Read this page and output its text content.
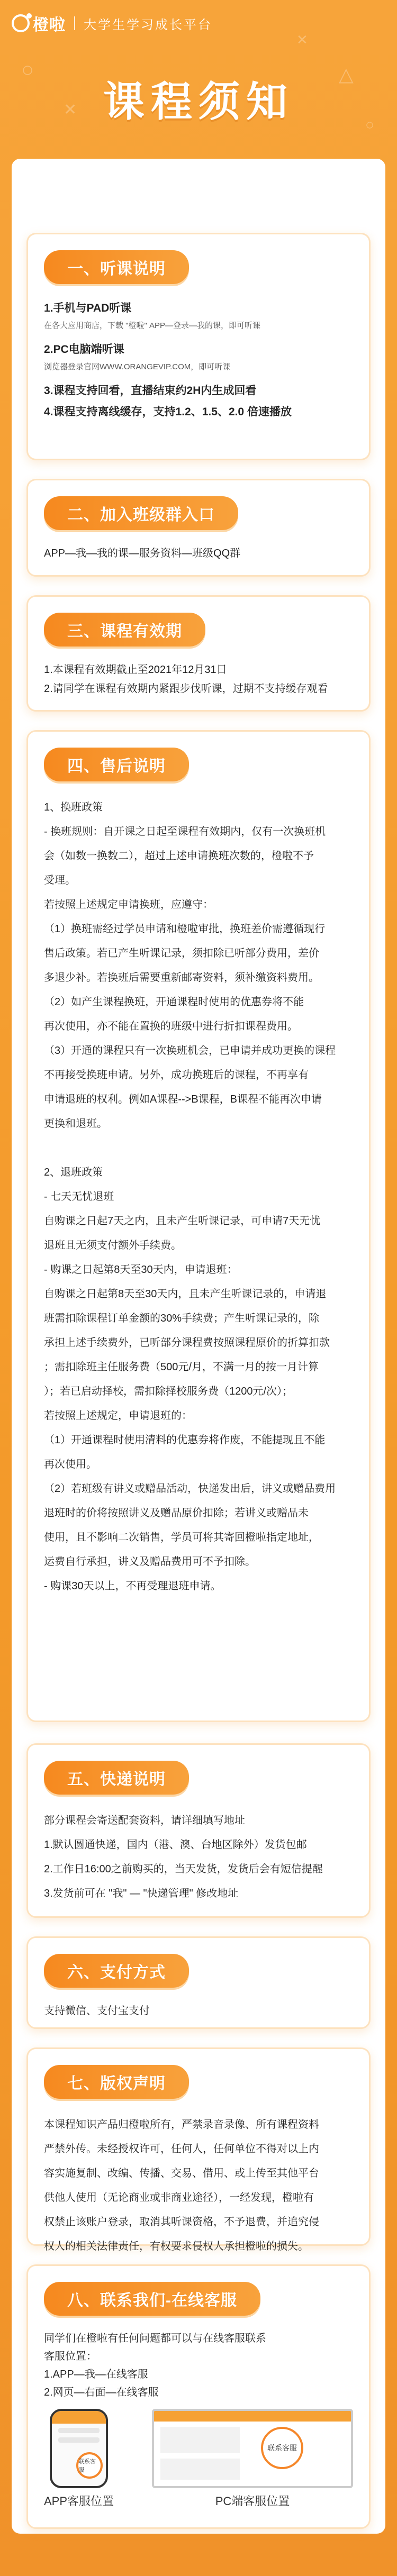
○
✕
△
○
✕
橙啦 大学生学习成长平台
课程须知
一、听课说明
1.手机与PAD听课
在各大应用商店，下载 "橙啦" APP—登录—我的课，即可听课
2.PC电脑端听课
浏览器登录官网WWW.ORANGEVIP.COM，即可听课
3.课程支持回看，直播结束约2H内生成回看
4.课程支持离线缓存，支持1.2、1.5、2.0 倍速播放
二、加入班级群入口
APP—我—我的课—服务资料—班级QQ群
三、课程有效期
1.本课程有效期截止至2021年12月31日
2.请同学在课程有效期内紧跟步伐听课，过期不支持缓存观看
四、售后说明
1、换班政策
- 换班规则：自开课之日起至课程有效期内，仅有一次换班机
会（如数一换数二），超过上述申请换班次数的，橙啦不予
受理。
若按照上述规定申请换班，应遵守：
（1）换班需经过学员申请和橙啦审批，换班差价需遵循现行
售后政策。若已产生听课记录，须扣除已听部分费用，差价
多退少补。若换班后需要重新邮寄资料，须补缴资料费用。
（2）如产生课程换班，开通课程时使用的优惠券将不能
再次使用，亦不能在置换的班级中进行折扣课程费用。
（3）开通的课程只有一次换班机会，已申请并成功更换的课程
不再接受换班申请。另外，成功换班后的课程，不再享有
申请退班的权利。例如A课程-->B课程，B课程不能再次申请
更换和退班。
2、退班政策
- 七天无忧退班
自购课之日起7天之内，且未产生听课记录，可申请7天无忧
退班且无须支付额外手续费。
- 购课之日起第8天至30天内，申请退班：
自购课之日起第8天至30天内，且未产生听课记录的，申请退
班需扣除课程订单金额的30%手续费；产生听课记录的，除
承担上述手续费外，已听部分课程费按照课程原价的折算扣款
；需扣除班主任服务费（500元/月，不满一月的按一月计算
）；若已启动择校，需扣除择校服务费（1200元/次）；
若按照上述规定，申请退班的：
（1）开通课程时使用清料的优惠券将作废，不能提现且不能
再次使用。
（2）若班级有讲义或赠品活动，快递发出后，讲义或赠品费用
退班时的价将按照讲义及赠品原价扣除；若讲义或赠品未
使用，且不影响二次销售，学员可将其寄回橙啦指定地址，
运费自行承担，讲义及赠品费用可不予扣除。
- 购课30天以上，不再受理退班申请。
五、快递说明
部分课程会寄送配套资料，请详细填写地址
1.默认圆通快递，国内（港、澳、台地区除外）发货包邮
2.工作日16:00之前购买的，当天发货，发货后会有短信提醒
3.发货前可在 "我" — "快递管理" 修改地址
六、支付方式
支持微信、支付宝支付
七、版权声明
本课程知识产品归橙啦所有，严禁录音录像、所有课程资料
严禁外传。未经授权许可，任何人，任何单位不得对以上内
容实施复制、改编、传播、交易、借用、或上传至其他平台
供他人使用（无论商业或非商业途径），一经发现，橙啦有
权禁止该账户登录，取消其听课资格，不予退费，并追究侵
权人的相关法律责任，有权要求侵权人承担橙啦的损失。
八、联系我们-在线客服
同学们在橙啦有任何问题都可以与在线客服联系
客服位置：
1.APP—我—在线客服
2.网页—右面—在线客服
联系客服
APP客服位置
联系客服
PC端客服位置
